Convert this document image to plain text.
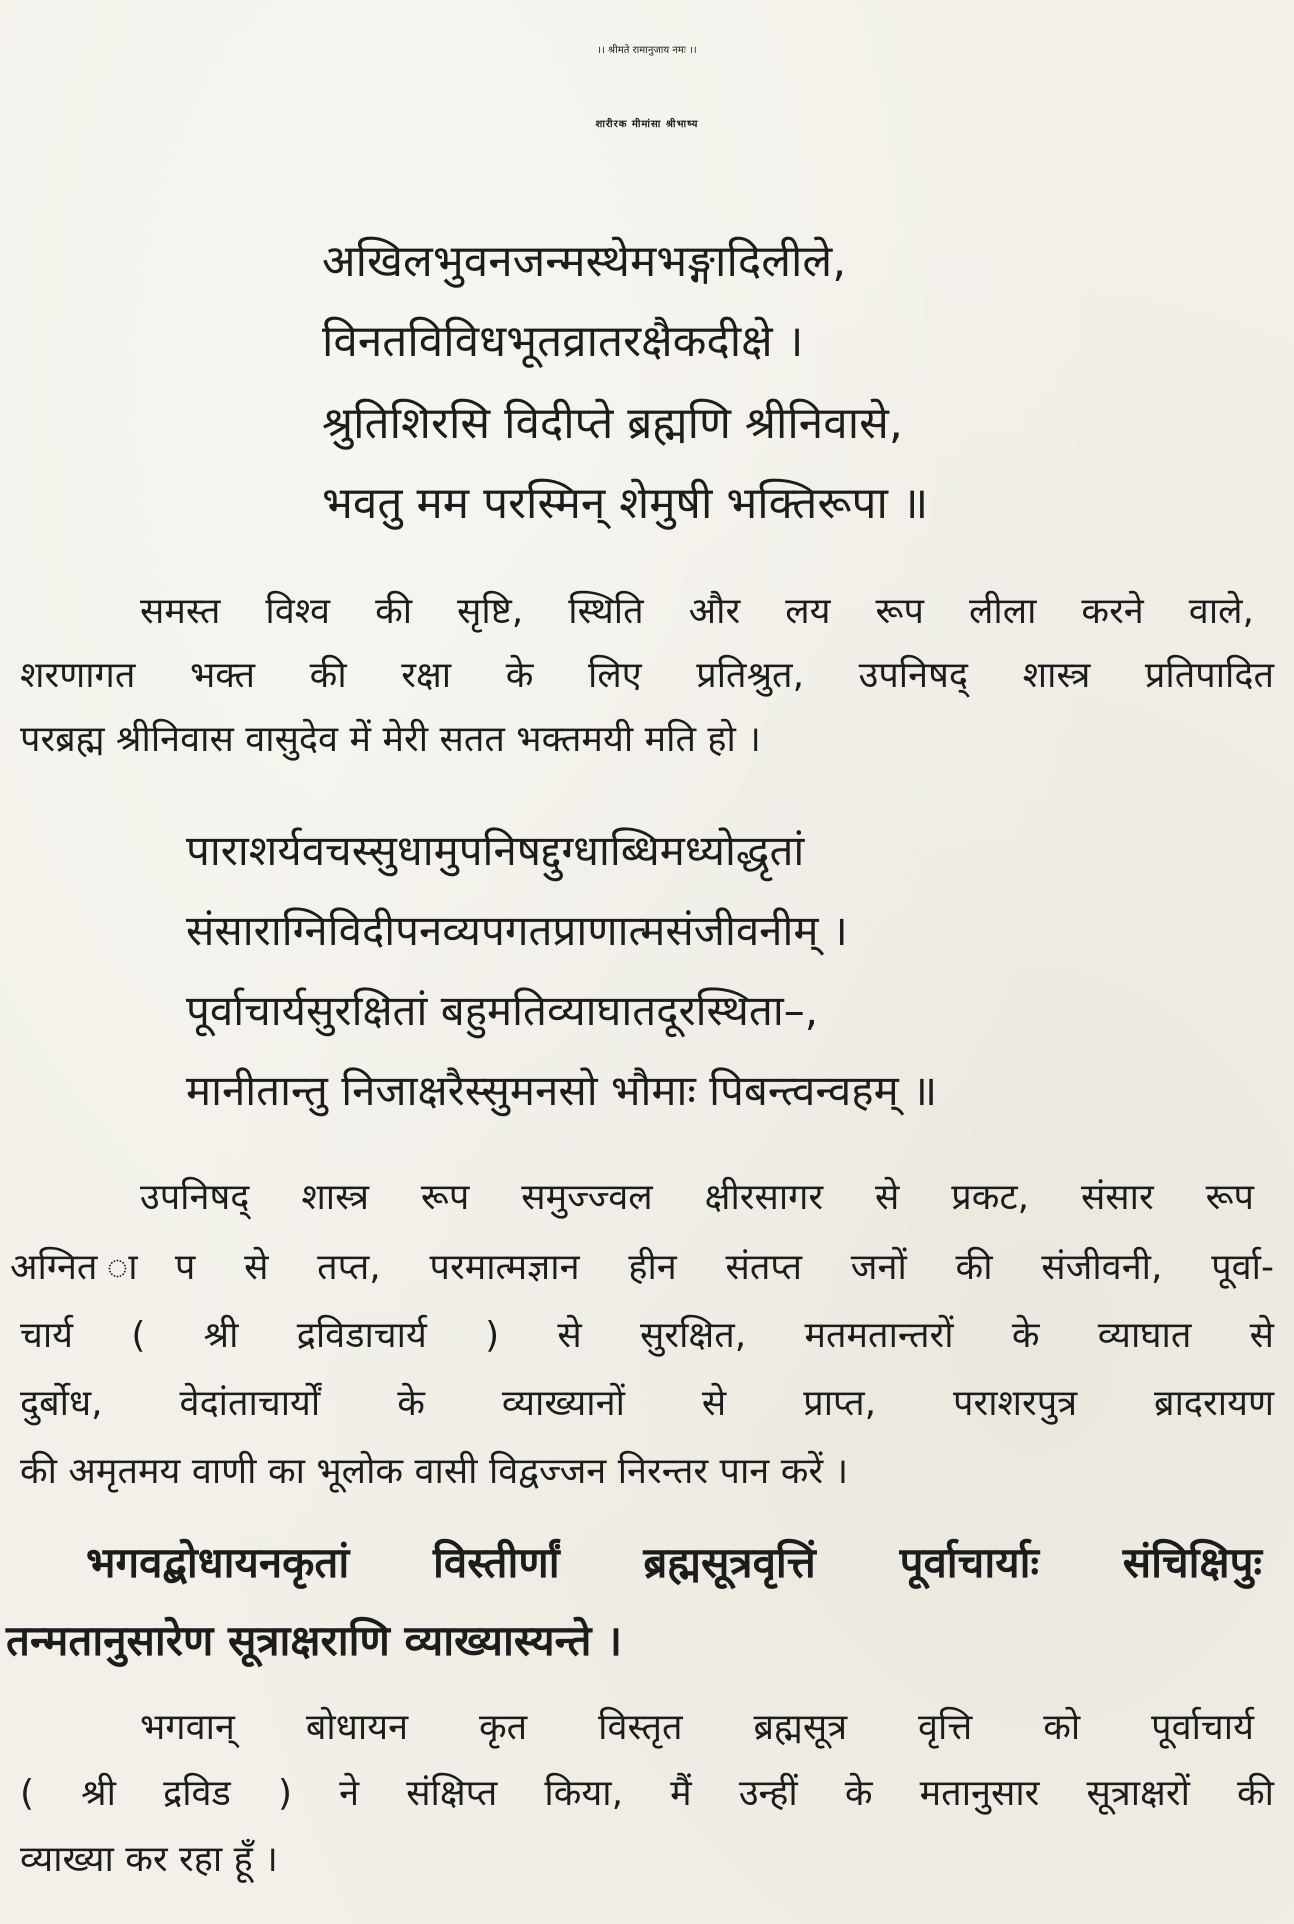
।। श्रीमते रामानुजाय नमः ।।
शारीरक मीमांसा श्रीभाष्य
अखिलभुवनजन्मस्थेमभङ्गादिलीले,
विनतविविधभूतव्रातरक्षैकदीक्षे ।
श्रुतिशिरसि विदीप्ते ब्रह्मणि श्रीनिवासे,
भवतु मम परस्मिन् शेमुषी भक्तिरूपा ॥
समस्त विश्व की सृष्टि, स्थिति और लय रूप लीला करने वाले,
शरणागत भक्त की रक्षा के लिए प्रतिश्रुत, उपनिषद् शास्त्र प्रतिपादित
परब्रह्म श्रीनिवास वासुदेव में मेरी सतत भक्तमयी मति हो ।
पाराशर्यवचस्सुधामुपनिषद्दुग्धाब्धिमध्योद्धृतां
संसाराग्निविदीपनव्यपगतप्राणात्मसंजीवनीम् ।
पूर्वाचार्यसुरक्षितां बहुमतिव्याघातदूरस्थिता–,
मानीतान्तु निजाक्षरैस्सुमनसो भौमाः पिबन्त्वन्वहम् ॥
उपनिषद् शास्त्र रूप समुज्ज्वल क्षीरसागर से प्रकट, संसार रूप
अग्नित ाप से तप्त, परमात्मज्ञान हीन संतप्त जनों की संजीवनी, पूर्वा-
चार्य ( श्री द्रविडाचार्य ) से सुरक्षित, मतमतान्तरों के व्याघात से
दुर्बोध, वेदांताचार्यों के व्याख्यानों से प्राप्त, पराशरपुत्र ब्रादरायण
की अमृतमय वाणी का भूलोक वासी विद्वज्जन निरन्तर पान करें ।
भगवद्बोधायनकृतां विस्तीर्णां ब्रह्मसूत्रवृत्तिं पूर्वाचार्याः संचिक्षिपुः
तन्मतानुसारेण सूत्राक्षराणि व्याख्यास्यन्ते ।
भगवान् बोधायन कृत विस्तृत ब्रह्मसूत्र वृत्ति को पूर्वाचार्य
( श्री द्रविड ) ने संक्षिप्त किया, मैं उन्हीं के मतानुसार सूत्राक्षरों की
व्याख्या कर रहा हूँ ।
